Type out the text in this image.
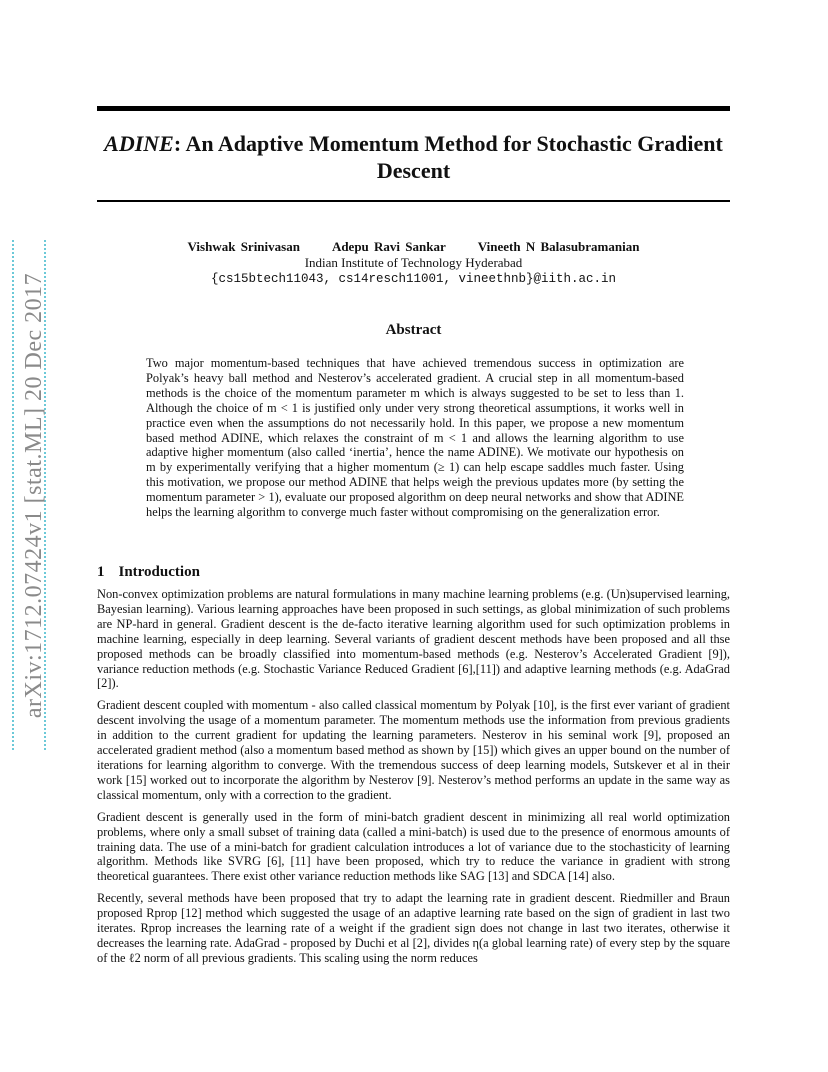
arXiv:1712.07424v1 [stat.ML] 20 Dec 2017
ADINE: An Adaptive Momentum Method for Stochastic Gradient Descent
Vishwak Srinivasan Adepu Ravi Sankar Vineeth N Balasubramanian
Indian Institute of Technology Hyderabad
{cs15btech11043, cs14resch11001, vineethnb}@iith.ac.in
Abstract
Two major momentum-based techniques that have achieved tremendous success in optimization are Polyak’s heavy ball method and Nesterov’s accelerated gradient. A crucial step in all momentum-based methods is the choice of the momentum parameter m which is always suggested to be set to less than 1. Although the choice of m < 1 is justified only under very strong theoretical assumptions, it works well in practice even when the assumptions do not necessarily hold. In this paper, we propose a new momentum based method ADINE, which relaxes the constraint of m < 1 and allows the learning algorithm to use adaptive higher momentum (also called ‘inertia’, hence the name ADINE). We motivate our hypothesis on m by experimentally verifying that a higher momentum (≥ 1) can help escape saddles much faster. Using this motivation, we propose our method ADINE that helps weigh the previous updates more (by setting the momentum parameter > 1), evaluate our proposed algorithm on deep neural networks and show that ADINE helps the learning algorithm to converge much faster without compromising on the generalization error.
1 Introduction

Non-convex optimization problems are natural formulations in many machine learning problems (e.g. (Un)supervised learning, Bayesian learning). Various learning approaches have been proposed in such settings, as global minimization of such problems are NP-hard in general. Gradient descent is the de-facto iterative learning algorithm used for such optimization problems in machine learning, especially in deep learning. Several variants of gradient descent methods have been proposed and all thse proposed methods can be broadly classified into momentum-based methods (e.g. Nesterov’s Accelerated Gradient [9]), variance reduction methods (e.g. Stochastic Variance Reduced Gradient [6],[11]) and adaptive learning methods (e.g. AdaGrad [2]).

Gradient descent coupled with momentum - also called classical momentum by Polyak [10], is the first ever variant of gradient descent involving the usage of a momentum parameter. The momentum methods use the information from previous gradients in addition to the current gradient for updating the learning parameters. Nesterov in his seminal work [9], proposed an accelerated gradient method (also a momentum based method as shown by [15]) which gives an upper bound on the number of iterations for learning algorithm to converge. With the tremendous success of deep learning models, Sutskever et al in their work [15] worked out to incorporate the algorithm by Nesterov [9]. Nesterov’s method performs an update in the same way as classical momentum, only with a correction to the gradient.

Gradient descent is generally used in the form of mini-batch gradient descent in minimizing all real world optimization problems, where only a small subset of training data (called a mini-batch) is used due to the presence of enormous amounts of training data. The use of a mini-batch for gradient calculation introduces a lot of variance due to the stochasticity of learning algorithm. Methods like SVRG [6], [11] have been proposed, which try to reduce the variance in gradient with strong theoretical guarantees. There exist other variance reduction methods like SAG [13] and SDCA [14] also.

Recently, several methods have been proposed that try to adapt the learning rate in gradient descent. Riedmiller and Braun proposed Rprop [12] method which suggested the usage of an adaptive learning rate based on the sign of gradient in last two iterates. Rprop increases the learning rate of a weight if the gradient sign does not change in last two iterates, otherwise it decreases the learning rate. AdaGrad - proposed by Duchi et al [2], divides η(a global learning rate) of every step by the square of the ℓ2 norm of all previous gradients. This scaling using the norm reduces
